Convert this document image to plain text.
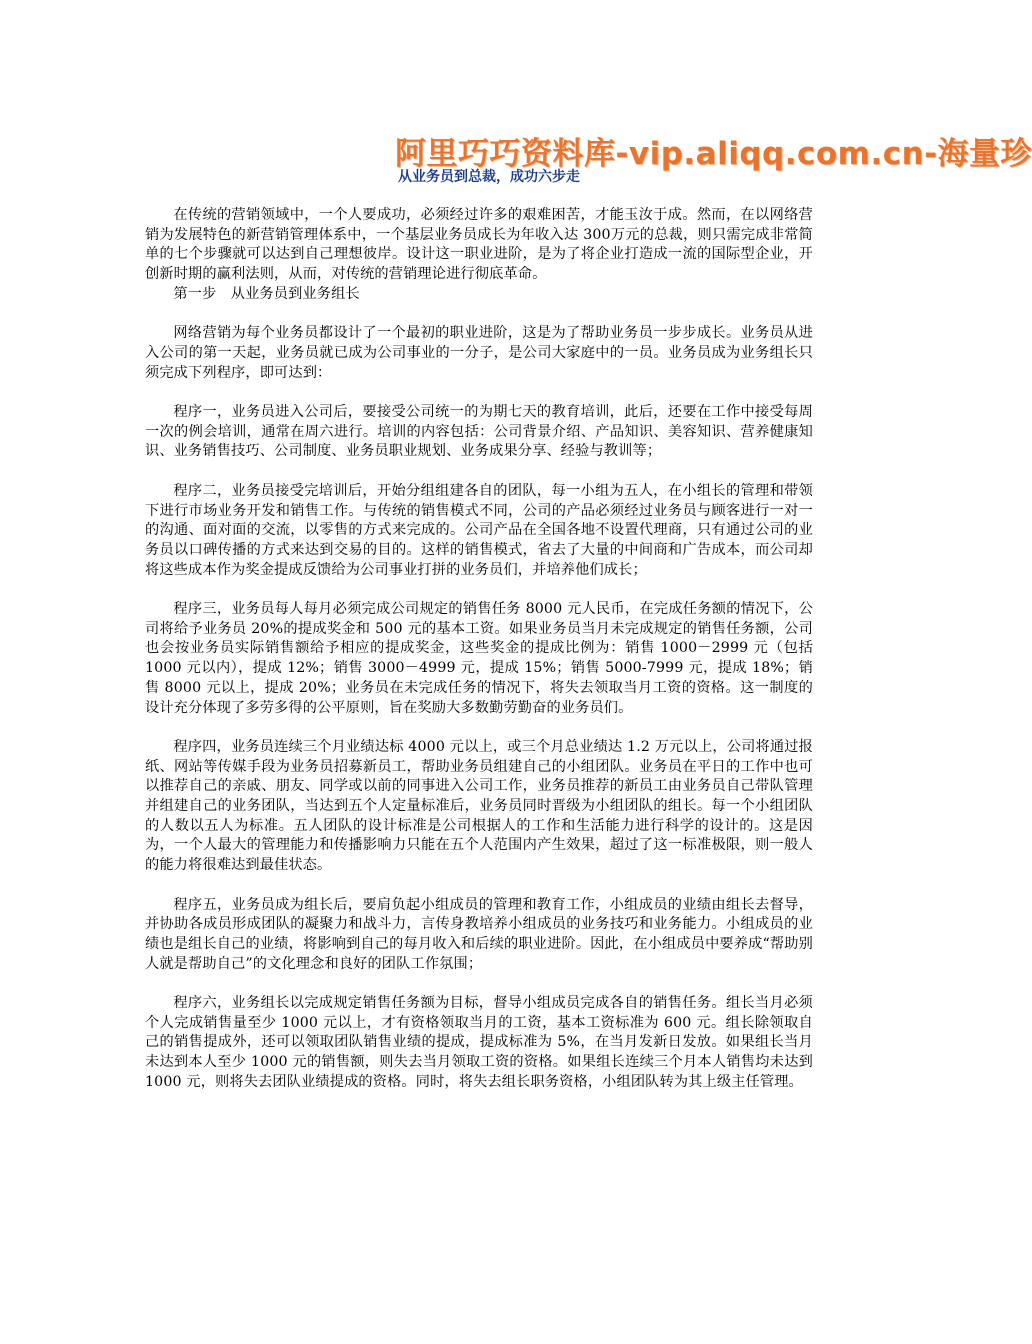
阿里巧巧资料库-vip.aliqq.com.cn-海量珍
从业务员到总裁，成功六步走

在传统的营销领域中，一个人要成功，必须经过许多的艰难困苦，才能玉汝于成。然而，在以网络营销为发展特色的新营销管理体系中，一个基层业务员成长为年收入达 300万元的总裁，则只需完成非常简单的七个步骤就可以达到自己理想彼岸。设计这一职业进阶，是为了将企业打造成一流的国际型企业，开创新时期的赢利法则，从而，对传统的营销理论进行彻底革命。

第一步　从业务员到业务组长

网络营销为每个业务员都设计了一个最初的职业进阶，这是为了帮助业务员一步步成长。业务员从进入公司的第一天起，业务员就已成为公司事业的一分子，是公司大家庭中的一员。业务员成为业务组长只须完成下列程序，即可达到：

程序一，业务员进入公司后，要接受公司统一的为期七天的教育培训，此后，还要在工作中接受每周一次的例会培训，通常在周六进行。培训的内容包括：公司背景介绍、产品知识、美容知识、营养健康知识、业务销售技巧、公司制度、业务员职业规划、业务成果分享、经验与教训等；

程序二，业务员接受完培训后，开始分组组建各自的团队，每一小组为五人，在小组长的管理和带领下进行市场业务开发和销售工作。与传统的销售模式不同，公司的产品必须经过业务员与顾客进行一对一的沟通、面对面的交流，以零售的方式来完成的。公司产品在全国各地不设置代理商，只有通过公司的业务员以口碑传播的方式来达到交易的目的。这样的销售模式，省去了大量的中间商和广告成本，而公司却将这些成本作为奖金提成反馈给为公司事业打拼的业务员们，并培养他们成长；

程序三，业务员每人每月必须完成公司规定的销售任务 8000 元人民币，在完成任务额的情况下，公司将给予业务员 20%的提成奖金和 500 元的基本工资。如果业务员当月未完成规定的销售任务额，公司也会按业务员实际销售额给予相应的提成奖金，这些奖金的提成比例为：销售 1000－2999 元（包括 1000 元以内），提成 12%；销售 3000－4999 元，提成 15%；销售 5000-7999 元，提成 18%；销售 8000 元以上，提成 20%；业务员在未完成任务的情况下，将失去领取当月工资的资格。这一制度的设计充分体现了多劳多得的公平原则，旨在奖励大多数勤劳勤奋的业务员们。

程序四，业务员连续三个月业绩达标 4000 元以上，或三个月总业绩达 1.2 万元以上，公司将通过报纸、网站等传媒手段为业务员招募新员工，帮助业务员组建自己的小组团队。业务员在平日的工作中也可以推荐自己的亲戚、朋友、同学或以前的同事进入公司工作，业务员推荐的新员工由业务员自己带队管理并组建自己的业务团队，当达到五个人定量标准后，业务员同时晋级为小组团队的组长。每一个小组团队的人数以五人为标准。五人团队的设计标准是公司根据人的工作和生活能力进行科学的设计的。这是因为，一个人最大的管理能力和传播影响力只能在五个人范围内产生效果，超过了这一标准极限，则一般人的能力将很难达到最佳状态。

程序五，业务员成为组长后，要肩负起小组成员的管理和教育工作，小组成员的业绩由组长去督导，并协助各成员形成团队的凝聚力和战斗力，言传身教培养小组成员的业务技巧和业务能力。小组成员的业绩也是组长自己的业绩，将影响到自己的每月收入和后续的职业进阶。因此，在小组成员中要养成“帮助别人就是帮助自己”的文化理念和良好的团队工作氛围；

程序六，业务组长以完成规定销售任务额为目标，督导小组成员完成各自的销售任务。组长当月必须个人完成销售量至少 1000 元以上，才有资格领取当月的工资，基本工资标准为 600 元。组长除领取自己的销售提成外，还可以领取团队销售业绩的提成，提成标准为 5%，在当月发新日发放。如果组长当月未达到本人至少 1000 元的销售额，则失去当月领取工资的资格。如果组长连续三个月本人销售均未达到 1000 元，则将失去团队业绩提成的资格。同时，将失去组长职务资格，小组团队转为其上级主任管理。
